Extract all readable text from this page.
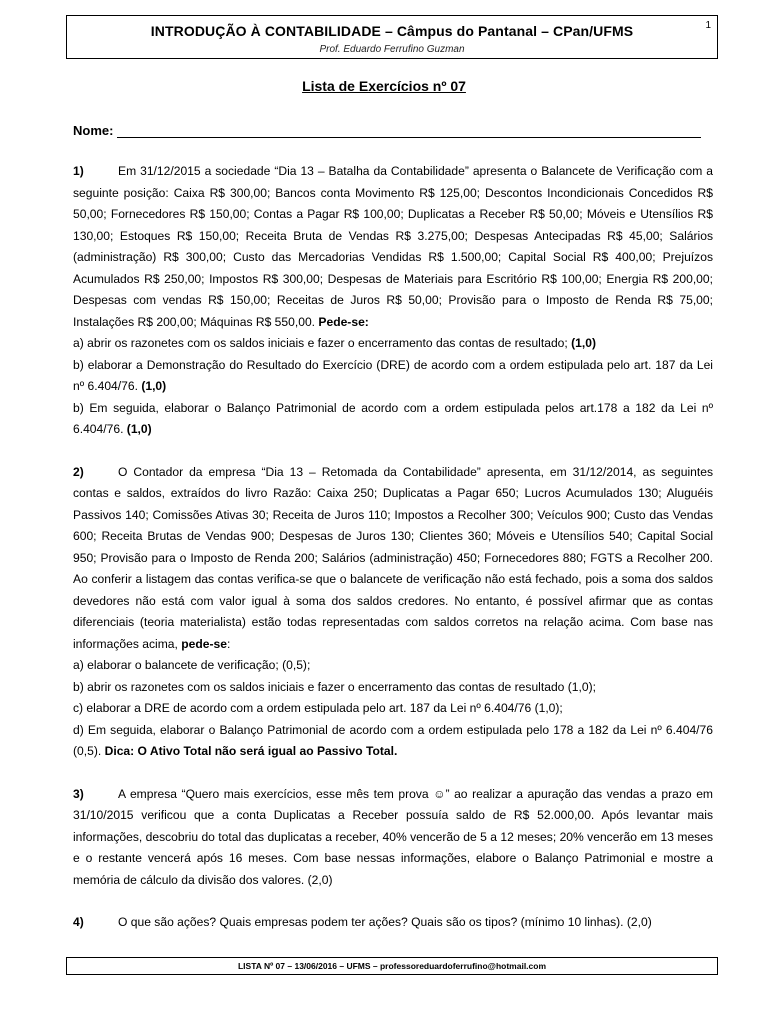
INTRODUÇÃO À CONTABILIDADE – Câmpus do Pantanal – CPan/UFMS
Prof. Eduardo Ferrufino Guzman
1
Lista de Exercícios nº 07
Nome:

1)	Em 31/12/2015 a sociedade “Dia 13 – Batalha da Contabilidade” apresenta o Balancete de Verificação com a seguinte posição: Caixa R$ 300,00; Bancos conta Movimento R$ 125,00; Descontos Incondicionais Concedidos R$ 50,00; Fornecedores R$ 150,00; Contas a Pagar R$ 100,00; Duplicatas a Receber R$ 50,00; Móveis e Utensílios R$ 130,00; Estoques R$ 150,00; Receita Bruta de Vendas R$ 3.275,00; Despesas Antecipadas R$ 45,00; Salários (administração) R$ 300,00; Custo das Mercadorias Vendidas R$ 1.500,00; Capital Social R$ 400,00; Prejuízos Acumulados R$ 250,00; Impostos R$ 300,00; Despesas de Materiais para Escritório R$ 100,00; Energia R$ 200,00; Despesas com vendas R$ 150,00; Receitas de Juros R$ 50,00; Provisão para o Imposto de Renda R$ 75,00; Instalações R$ 200,00; Máquinas R$ 550,00. Pede-se:

a) abrir os razonetes com os saldos iniciais e fazer o encerramento das contas de resultado; (1,0)

b) elaborar a Demonstração do Resultado do Exercício (DRE) de acordo com a ordem estipulada pelo art. 187 da Lei nº 6.404/76. (1,0)

b) Em seguida, elaborar o Balanço Patrimonial de acordo com a ordem estipulada pelos art.178 a 182 da Lei nº 6.404/76. (1,0)

2)	O Contador da empresa “Dia 13 – Retomada da Contabilidade” apresenta, em 31/12/2014, as seguintes contas e saldos, extraídos do livro Razão: Caixa 250; Duplicatas a Pagar 650; Lucros Acumulados 130; Aluguéis Passivos 140; Comissões Ativas 30; Receita de Juros 110; Impostos a Recolher 300; Veículos 900; Custo das Vendas 600; Receita Brutas de Vendas 900; Despesas de Juros 130; Clientes 360; Móveis e Utensílios 540; Capital Social 950; Provisão para o Imposto de Renda 200; Salários (administração) 450; Fornecedores 880; FGTS a Recolher 200. Ao conferir a listagem das contas verifica-se que o balancete de verificação não está fechado, pois a soma dos saldos devedores não está com valor igual à soma dos saldos credores. No entanto, é possível afirmar que as contas diferenciais (teoria materialista) estão todas representadas com saldos corretos na relação acima. Com base nas informações acima, pede-se:

a) elaborar o balancete de verificação; (0,5);

b) abrir os razonetes com os saldos iniciais e fazer o encerramento das contas de resultado (1,0);

c) elaborar a DRE de acordo com a ordem estipulada pelo art. 187 da Lei nº 6.404/76 (1,0);

d) Em seguida, elaborar o Balanço Patrimonial de acordo com a ordem estipulada pelo 178 a 182 da Lei nº 6.404/76 (0,5). Dica: O Ativo Total não será igual ao Passivo Total.

3)	A empresa “Quero mais exercícios, esse mês tem prova ☺” ao realizar a apuração das vendas a prazo em 31/10/2015 verificou que a conta Duplicatas a Receber possuía saldo de R$ 52.000,00. Após levantar mais informações, descobriu do total das duplicatas a receber, 40% vencerão de 5 a 12 meses; 20% vencerão em 13 meses e o restante vencerá após 16 meses. Com base nessas informações, elabore o Balanço Patrimonial e mostre a memória de cálculo da divisão dos valores. (2,0)

4)	O que são ações? Quais empresas podem ter ações? Quais são os tipos? (mínimo 10 linhas). (2,0)

LISTA Nº 07 – 13/06/2016 – UFMS – professoreduardoferrufino@hotmail.com
